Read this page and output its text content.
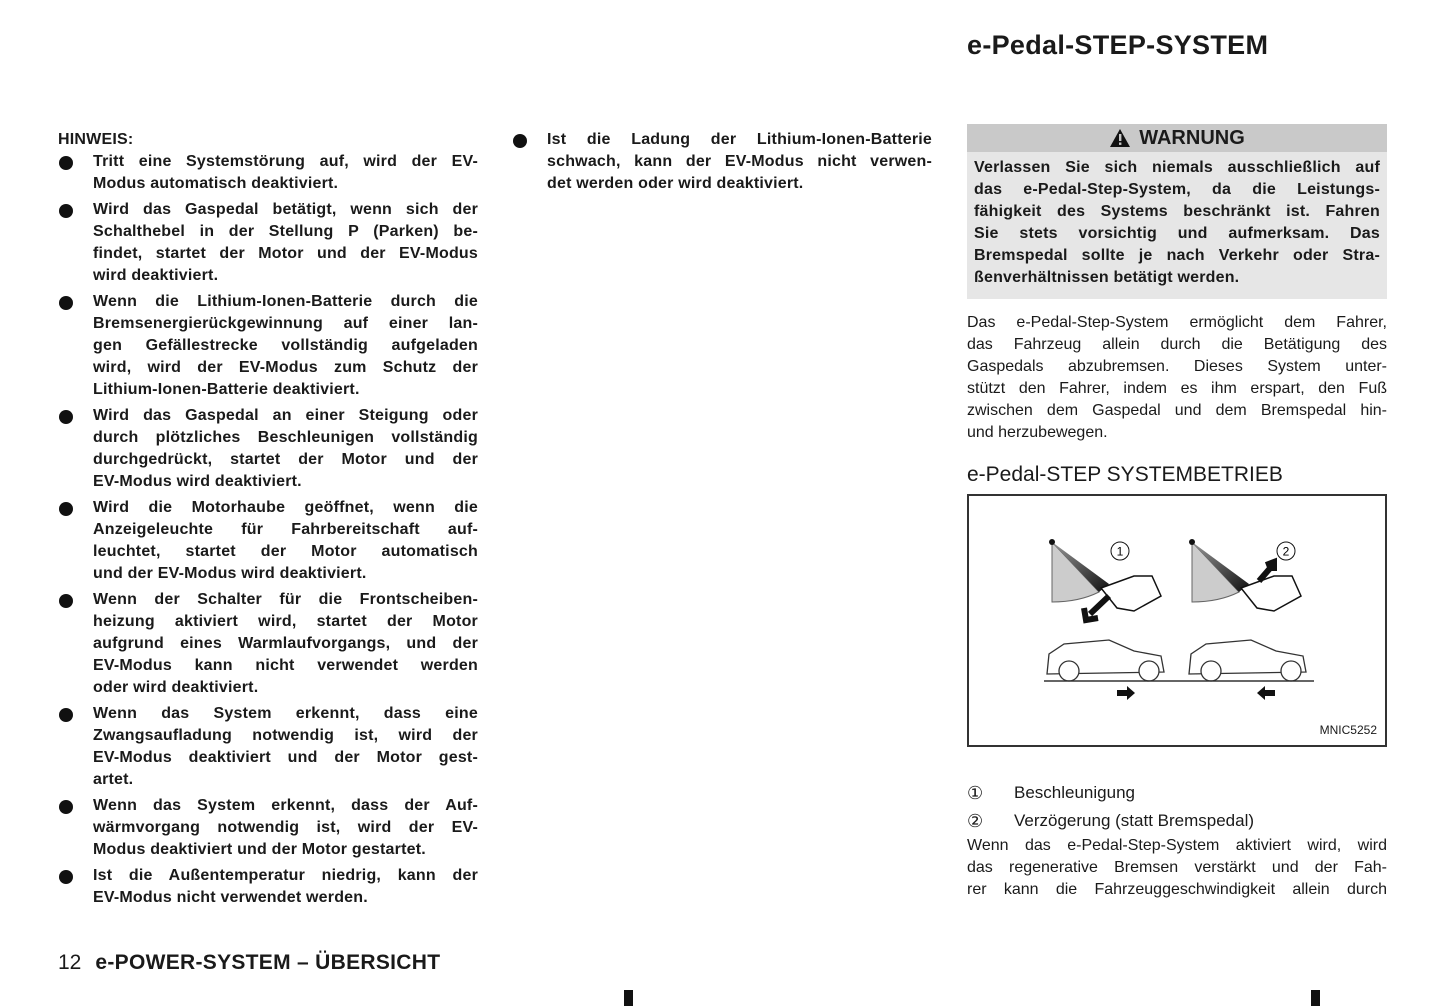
e-Pedal-STEP-SYSTEM
HINWEIS:
Tritt eine Systemstörung auf, wird der EV-
Modus automatisch deaktiviert.
Wird das Gaspedal betätigt, wenn sich der
Schalthebel in der Stellung P (Parken) be-
findet, startet der Motor und der EV-Modus
wird deaktiviert.
Wenn die Lithium-Ionen-Batterie durch die
Bremsenergierückgewinnung auf einer lan-
gen Gefällestrecke vollständig aufgeladen
wird, wird der EV-Modus zum Schutz der
Lithium-Ionen-Batterie deaktiviert.
Wird das Gaspedal an einer Steigung oder
durch plötzliches Beschleunigen vollständig
durchgedrückt, startet der Motor und der
EV-Modus wird deaktiviert.
Wird die Motorhaube geöffnet, wenn die
Anzeigeleuchte für Fahrbereitschaft auf-
leuchtet, startet der Motor automatisch
und der EV-Modus wird deaktiviert.
Wenn der Schalter für die Frontscheiben-
heizung aktiviert wird, startet der Motor
aufgrund eines Warmlaufvorgangs, und der
EV-Modus kann nicht verwendet werden
oder wird deaktiviert.
Wenn das System erkennt, dass eine
Zwangsaufladung notwendig ist, wird der
EV-Modus deaktiviert und der Motor gest-
artet.
Wenn das System erkennt, dass der Auf-
wärmvorgang notwendig ist, wird der EV-
Modus deaktiviert und der Motor gestartet.
Ist die Außentemperatur niedrig, kann der
EV-Modus nicht verwendet werden.
Ist die Ladung der Lithium-Ionen-Batterie
schwach, kann der EV-Modus nicht verwen-
det werden oder wird deaktiviert.
WARNUNG
Verlassen Sie sich niemals ausschließlich auf
das e-Pedal-Step-System, da die Leistungs-
fähigkeit des Systems beschränkt ist. Fahren
Sie stets vorsichtig und aufmerksam. Das
Bremspedal sollte je nach Verkehr oder Stra-
ßenverhältnissen betätigt werden.
Das e-Pedal-Step-System ermöglicht dem Fahrer,
das Fahrzeug allein durch die Betätigung des
Gaspedals abzubremsen. Dieses System unter-
stützt den Fahrer, indem es ihm erspart, den Fuß
zwischen dem Gaspedal und dem Bremspedal hin-
und herzubewegen.
e-Pedal-STEP SYSTEMBETRIEB
1	2
MNIC5252
①	Beschleunigung
②	Verzögerung (statt Bremspedal)
Wenn das e-Pedal-Step-System aktiviert wird, wird
das regenerative Bremsen verstärkt und der Fah-
rer kann die Fahrzeuggeschwindigkeit allein durch
12 e-POWER-SYSTEM – ÜBERSICHT
